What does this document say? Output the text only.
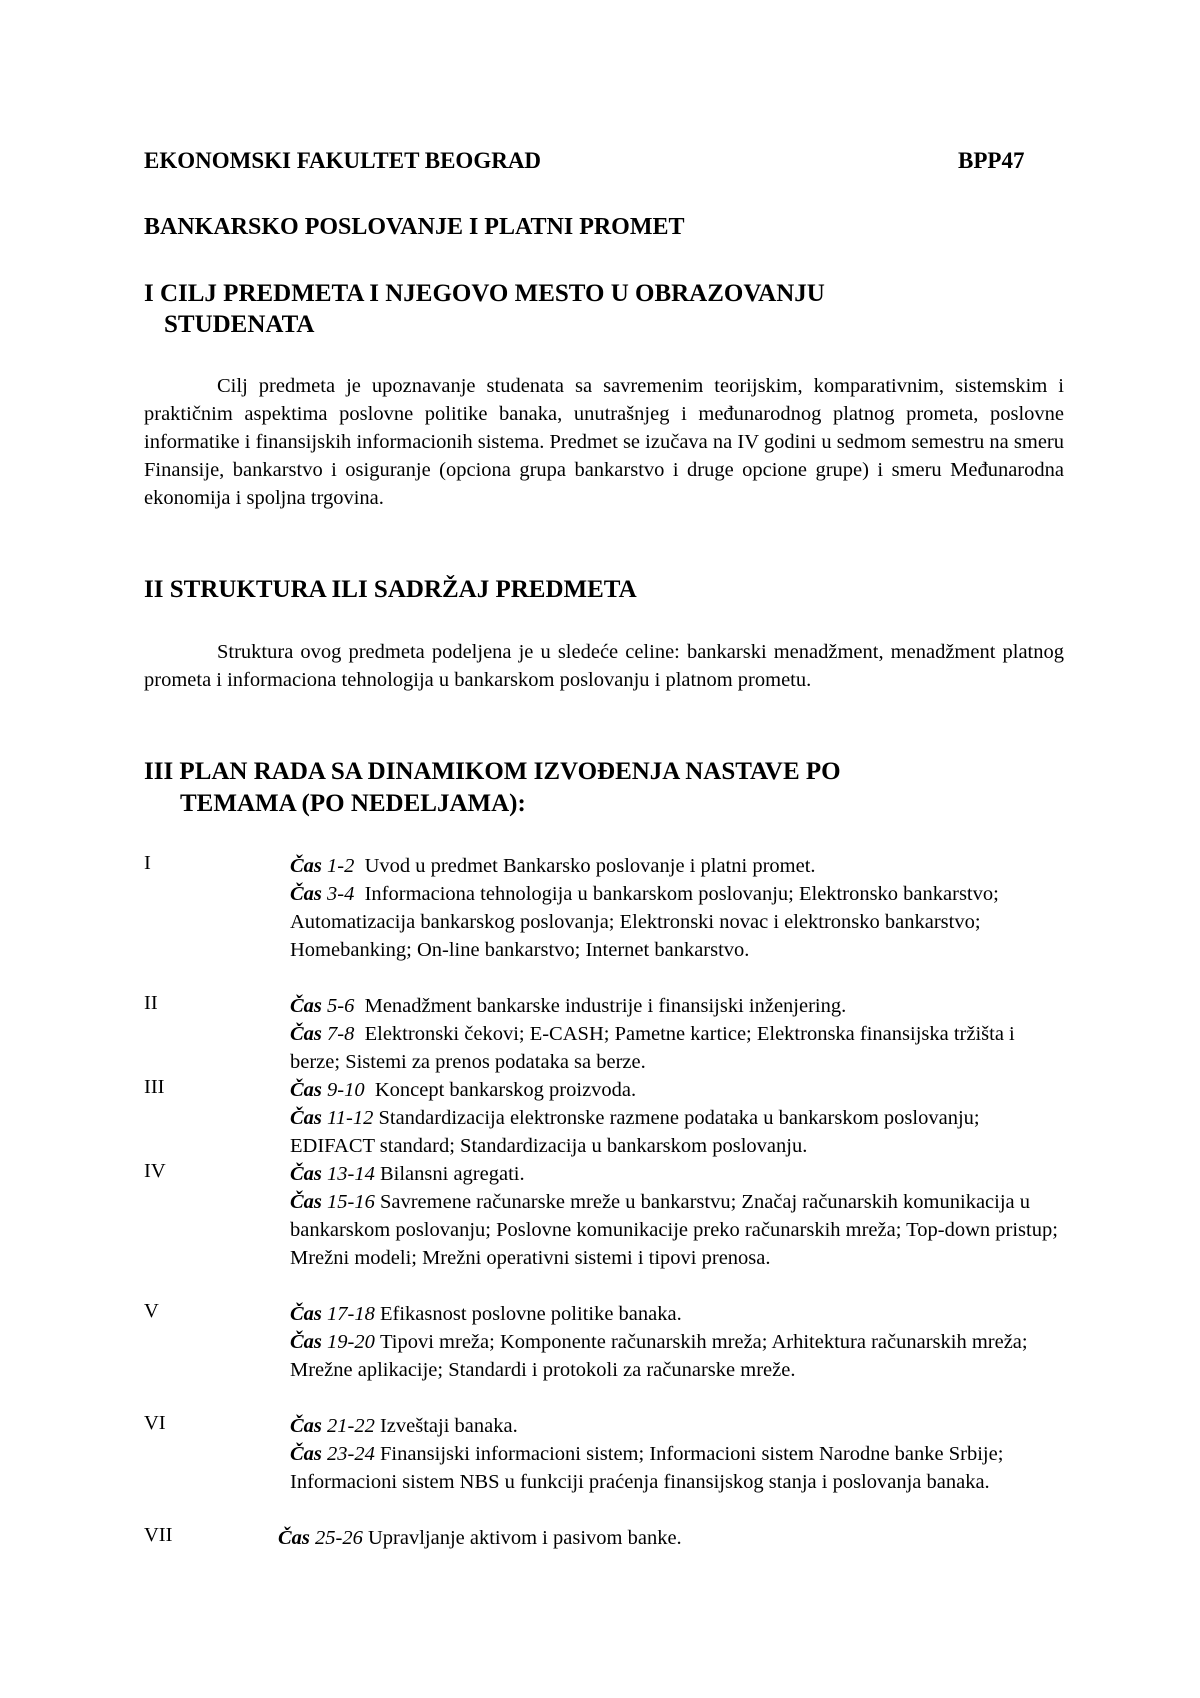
EKONOMSKI FAKULTET BEOGRAD	BPP47
BANKARSKO POSLOVANJE I PLATNI PROMET
I CILJ PREDMETA I NJEGOVO MESTO U OBRAZOVANJU
STUDENATA
Cilj predmeta je upoznavanje studenata sa savremenim teorijskim, komparativnim, sistemskim i praktičnim aspektima poslovne politike banaka, unutrašnjeg i međunarodnog platnog prometa, poslovne informatike i finansijskih informacionih sistema. Predmet se izučava na IV godini u sedmom semestru na smeru Finansije, bankarstvo i osiguranje (opciona grupa bankarstvo i druge opcione grupe) i smeru Međunarodna ekonomija i spoljna trgovina.
II STRUKTURA ILI SADRŽAJ PREDMETA
Struktura ovog predmeta podeljena je u sledeće celine: bankarski menadžment, menadžment platnog prometa i informaciona tehnologija u bankarskom poslovanju i platnom prometu.
III PLAN RADA SA DINAMIKOM IZVOĐENJA NASTAVE PO
TEMAMA (PO NEDELJAMA):
I	Čas 1-2 Uvod u predmet Bankarsko poslovanje i platni promet.
Čas 3-4 Informaciona tehnologija u bankarskom poslovanju; Elektronsko bankarstvo; Automatizacija bankarskog poslovanja; Elektronski novac i elektronsko bankarstvo; Homebanking; On-line bankarstvo; Internet bankarstvo.
II	Čas 5-6 Menadžment bankarske industrije i finansijski inženjering.
Čas 7-8 Elektronski čekovi; E-CASH; Pametne kartice; Elektronska finansijska tržišta i berze; Sistemi za prenos podataka sa berze.
III	Čas 9-10 Koncept bankarskog proizvoda.
Čas 11-12 Standardizacija elektronske razmene podataka u bankarskom poslovanju; EDIFACT standard; Standardizacija u bankarskom poslovanju.
IV	Čas 13-14 Bilansni agregati.
Čas 15-16 Savremene računarske mreže u bankarstvu; Značaj računarskih komunikacija u bankarskom poslovanju; Poslovne komunikacije preko računarskih mreža; Top-down pristup; Mrežni modeli; Mrežni operativni sistemi i tipovi prenosa.
V	Čas 17-18 Efikasnost poslovne politike banaka.
Čas 19-20 Tipovi mreža; Komponente računarskih mreža; Arhitektura računarskih mreža; Mrežne aplikacije; Standardi i protokoli za računarske mreže.
VI	Čas 21-22 Izveštaji banaka.
Čas 23-24 Finansijski informacioni sistem; Informacioni sistem Narodne banke Srbije; Informacioni sistem NBS u funkciji praćenja finansijskog stanja i poslovanja banaka.
VII	Čas 25-26 Upravljanje aktivom i pasivom banke.
